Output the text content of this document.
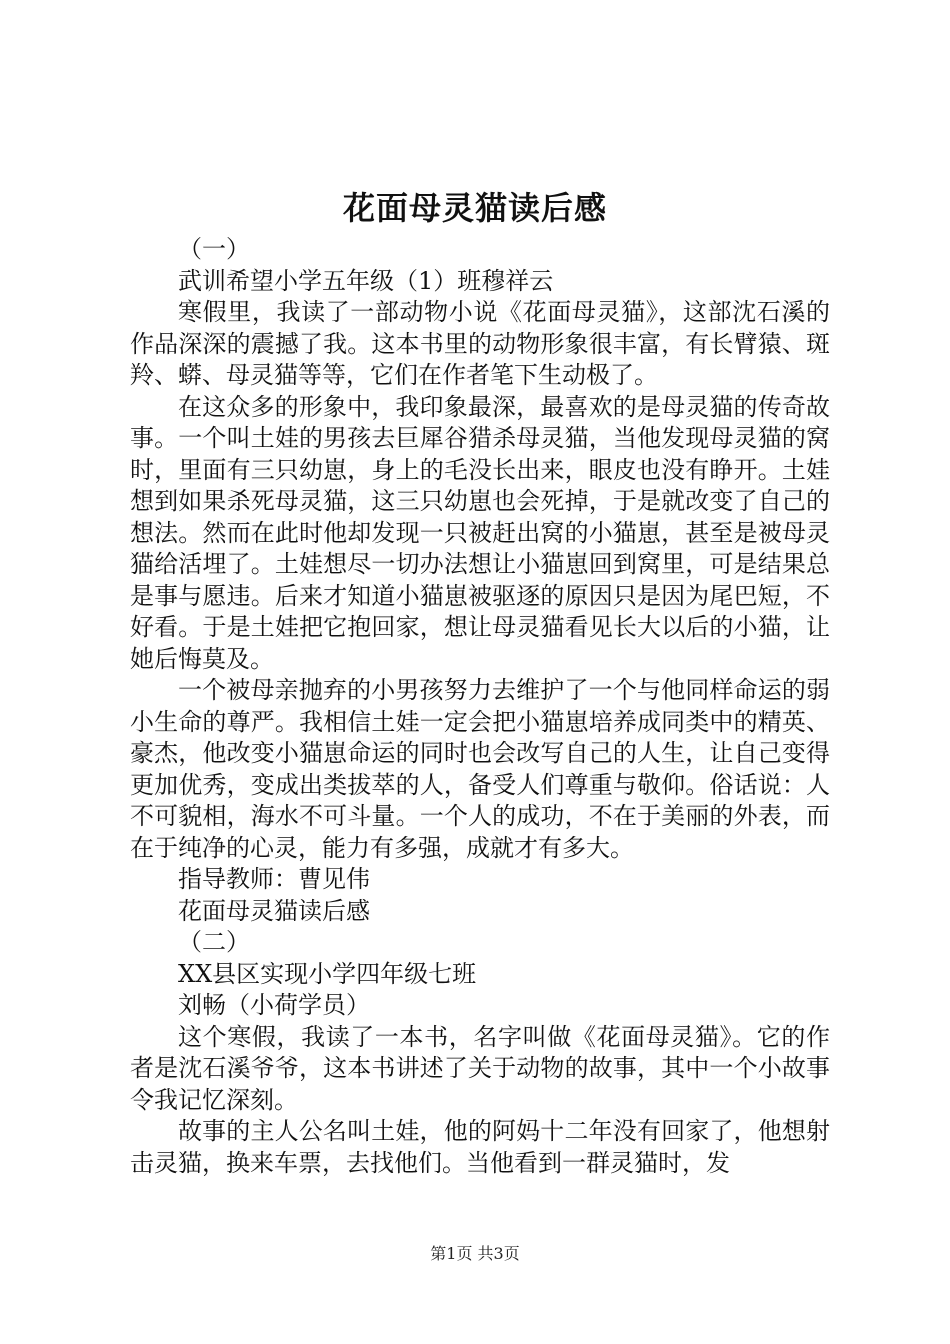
花面母灵猫读后感

（一）

武训希望小学五年级（1）班穆祥云

寒假里，我读了一部动物小说《花面母灵猫》，这部沈石溪的作品深深的震撼了我。这本书里的动物形象很丰富，有长臂猿、斑羚、蟒、母灵猫等等，它们在作者笔下生动极了。

在这众多的形象中，我印象最深，最喜欢的是母灵猫的传奇故事。一个叫土娃的男孩去巨犀谷猎杀母灵猫，当他发现母灵猫的窝时，里面有三只幼崽，身上的毛没长出来，眼皮也没有睁开。土娃想到如果杀死母灵猫，这三只幼崽也会死掉，于是就改变了自己的想法。然而在此时他却发现一只被赶出窝的小猫崽，甚至是被母灵猫给活埋了。土娃想尽一切办法想让小猫崽回到窝里，可是结果总是事与愿违。后来才知道小猫崽被驱逐的原因只是因为尾巴短，不好看。于是土娃把它抱回家，想让母灵猫看见长大以后的小猫，让她后悔莫及。

一个被母亲抛弃的小男孩努力去维护了一个与他同样命运的弱小生命的尊严。我相信土娃一定会把小猫崽培养成同类中的精英、豪杰，他改变小猫崽命运的同时也会改写自己的人生，让自己变得更加优秀，变成出类拔萃的人，备受人们尊重与敬仰。俗话说：人不可貌相，海水不可斗量。一个人的成功，不在于美丽的外表，而在于纯净的心灵，能力有多强，成就才有多大。

指导教师：曹见伟

花面母灵猫读后感

（二）

XX县区实现小学四年级七班

刘畅（小荷学员）

这个寒假，我读了一本书，名字叫做《花面母灵猫》。它的作者是沈石溪爷爷，这本书讲述了关于动物的故事，其中一个小故事令我记忆深刻。

故事的主人公名叫土娃，他的阿妈十二年没有回家了，他想射击灵猫，换来车票，去找他们。当他看到一群灵猫时，发

第1页 共3页
